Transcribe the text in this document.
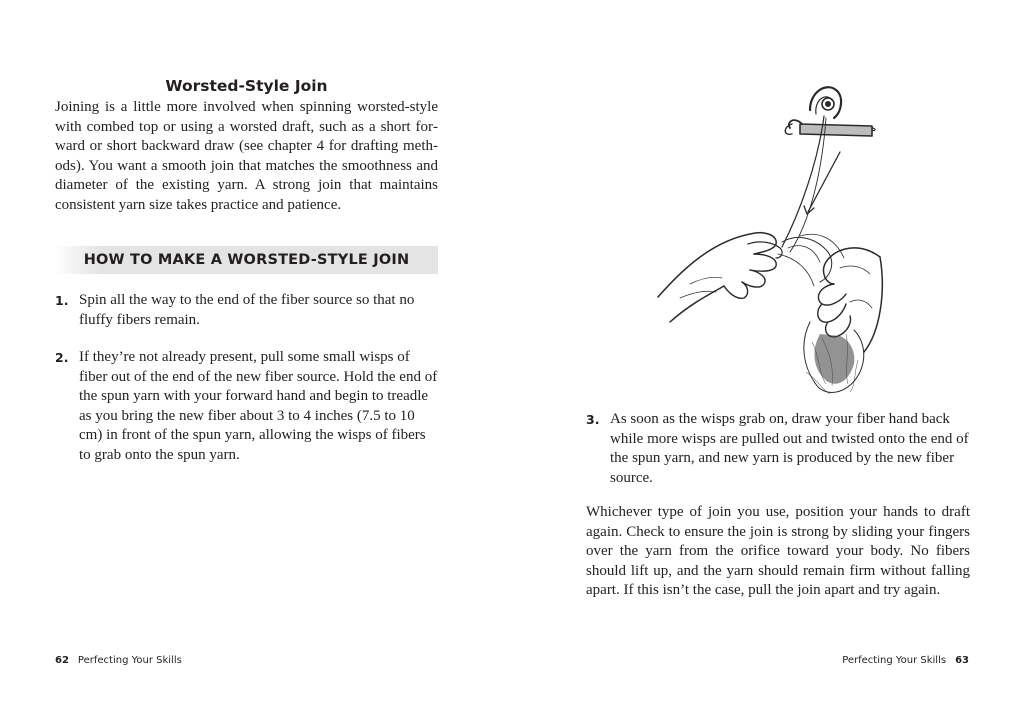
Worsted-Style Join

Joining is a little more involved when spinning worsted-style with combed top or using a worsted draft, such as a short forward or short backward draw (see chapter 4 for drafting methods). You want a smooth join that matches the smoothness and diameter of the existing yarn. A strong join that maintains consistent yarn size takes practice and patience.

HOW TO MAKE A WORSTED-STYLE JOIN
1. Spin all the way to the end of the fiber source so that no fluffy fibers remain.

2. If they’re not already present, pull some small wisps of fiber out of the end of the new fiber source. Hold the end of the spun yarn with your forward hand and begin to treadle as you bring the new fiber about 3 to 4 inches (7.5 to 10 cm) in front of the spun yarn, allowing the wisps of fibers to grab onto the spun yarn.

62 Perfecting Your Skills	Perfecting Your Skills 63
3. As soon as the wisps grab on, draw your fiber hand back while more wisps are pulled out and twisted onto the end of the spun yarn, and new yarn is produced by the new fiber source.

Whichever type of join you use, position your hands to draft again. Check to ensure the join is strong by sliding your fingers over the yarn from the orifice toward your body. No fibers should lift up, and the yarn should remain firm without falling apart. If this isn’t the case, pull the join apart and try again.
